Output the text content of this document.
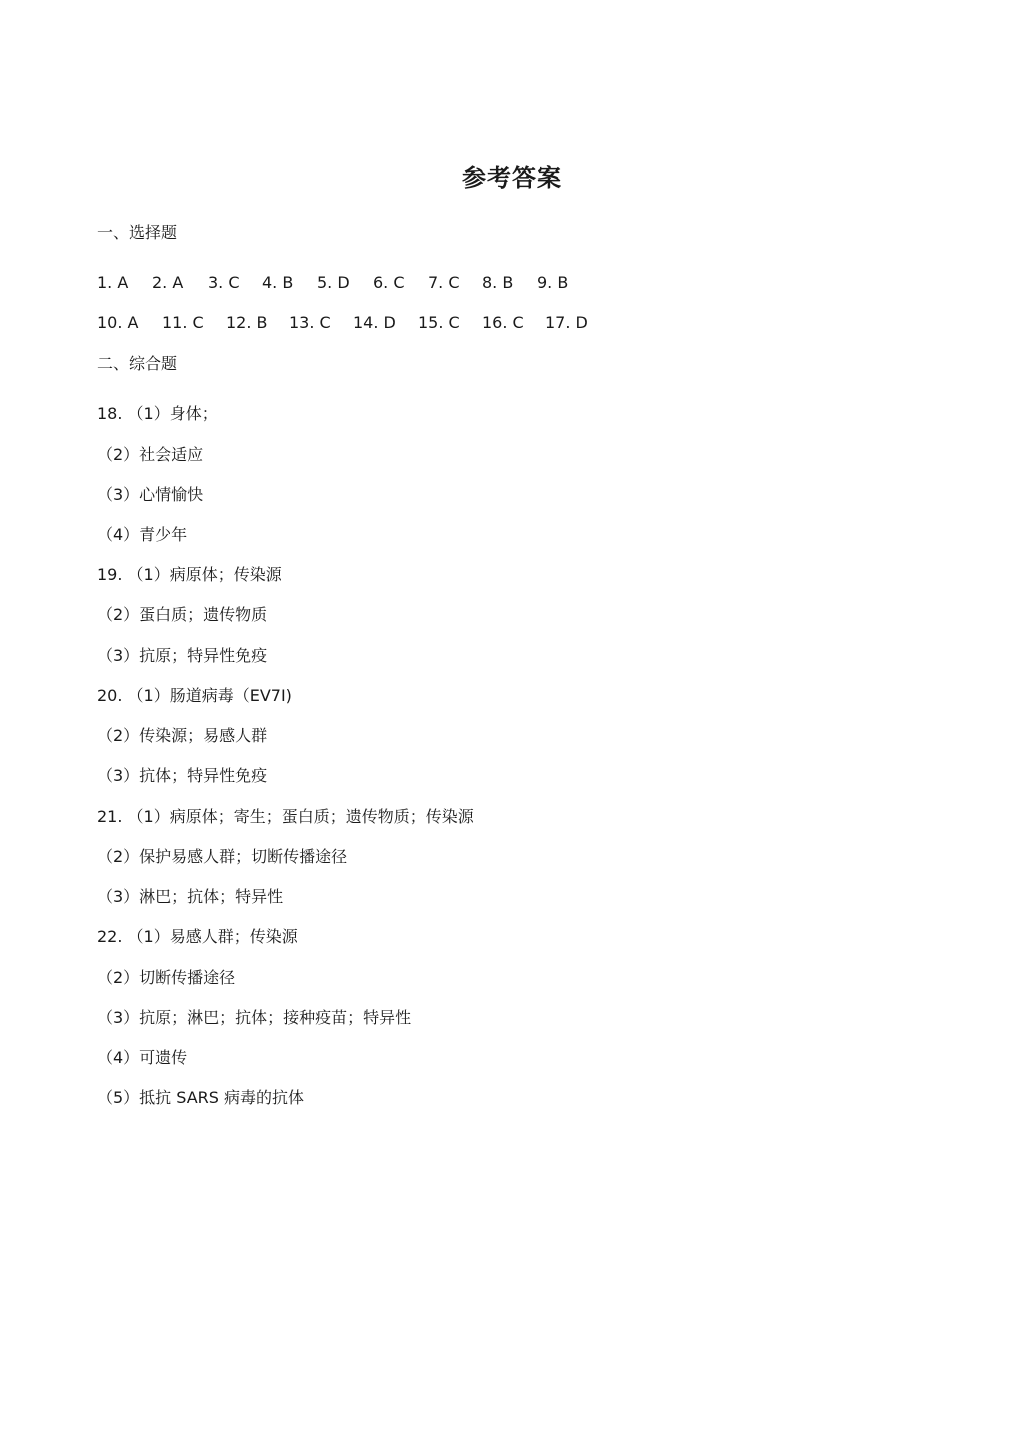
参考答案
一、选择题
1. A 2. A 3. C 4. B 5. D 6. C 7. C 8. B 9. B
10. A 11. C 12. B 13. C 14. D 15. C 16. C 17. D
二、综合题
18. （1）身体；
（2）社会适应
（3）心情愉快
（4）青少年
19. （1）病原体；传染源
（2）蛋白质；遗传物质
（3）抗原；特异性免疫
20. （1）肠道病毒（EV7I)
（2）传染源；易感人群
（3）抗体；特异性免疫
21. （1）病原体；寄生；蛋白质；遗传物质；传染源
（2）保护易感人群；切断传播途径
（3）淋巴；抗体；特异性
22. （1）易感人群；传染源
（2）切断传播途径
（3）抗原；淋巴；抗体；接种疫苗；特异性
（4）可遗传
（5）抵抗 SARS 病毒的抗体
